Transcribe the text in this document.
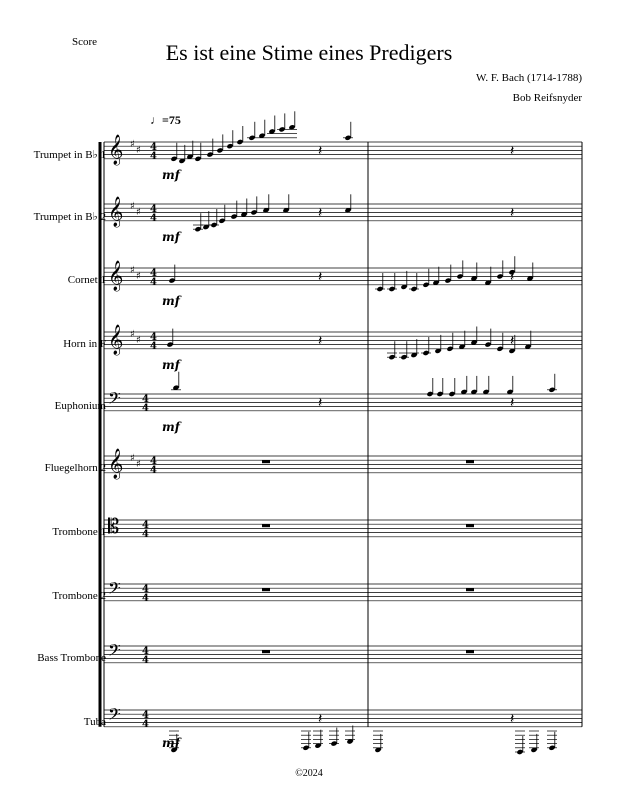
Score	Es ist eine Stime eines Predigers
W. F. Bach (1714-1788)
Bob Reifsnyder
♩=75
Trumpet in B♭ 1
Trumpet in B♭ 2
Cornet 1
Horn in F
Euphonium
Fluegelhorn 2
Trombone 1
Trombone 2
Bass Trombone
Tuba
𝄞 ♯
♯ 4
4
mf
𝄽	𝄽
𝄞 ♯
♯ 4
4
mf
𝄽	𝄽
𝄞 ♯
♯ 4
4
mf
𝄽	𝄽
𝄞 ♯
♯ 4
4
mf
𝄽	𝄽
𝄢 4
4
mf
𝄽	𝄽
𝄞 ♯
♯ 4
4
𝄡 4
4
𝄢 4
4
𝄢 4
4
𝄢 4
4
mf
𝄽	𝄽
©2024
